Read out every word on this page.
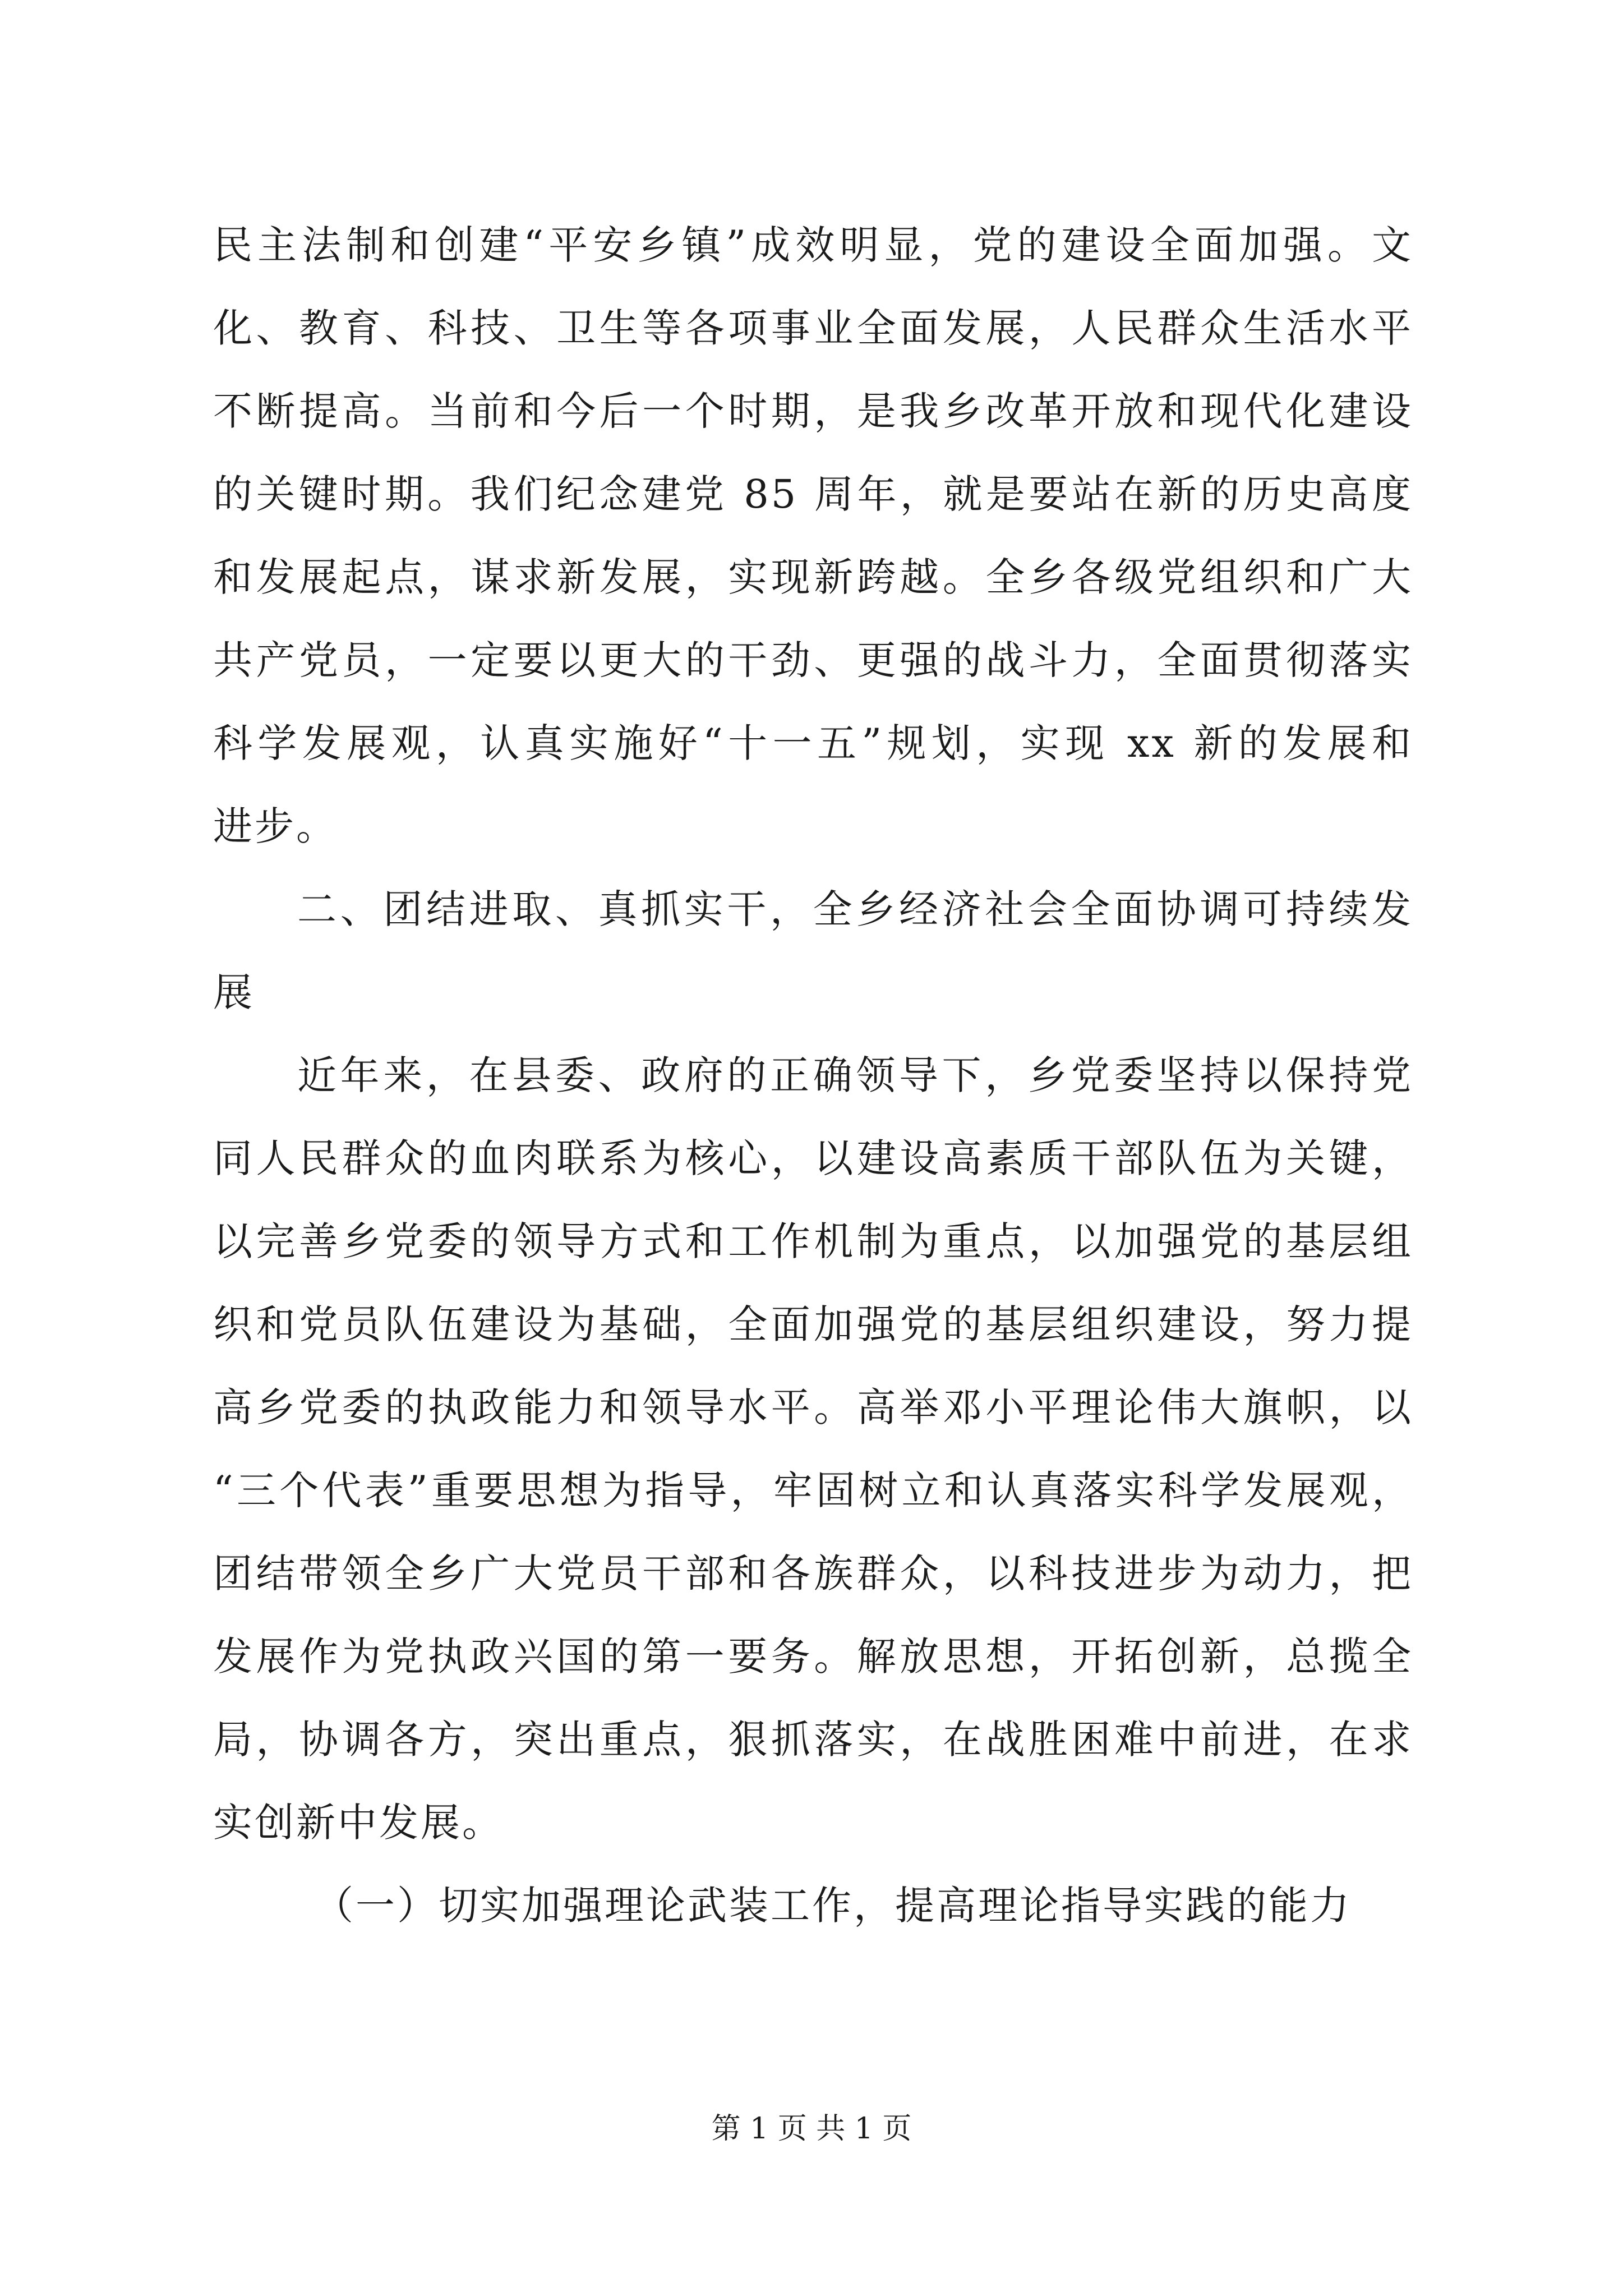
民主法制和创建“平安乡镇”成效明显，党的建设全面加强。文
化、教育、科技、卫生等各项事业全面发展，人民群众生活水平
不断提高。当前和今后一个时期，是我乡改革开放和现代化建设
的关键时期。我们纪念建党 85 周年，就是要站在新的历史高度
和发展起点，谋求新发展，实现新跨越。全乡各级党组织和广大
共产党员，一定要以更大的干劲、更强的战斗力，全面贯彻落实
科学发展观，认真实施好“十一五”规划，实现 xx 新的发展和
进步。
二、团结进取、真抓实干，全乡经济社会全面协调可持续发
展
近年来，在县委、政府的正确领导下，乡党委坚持以保持党
同人民群众的血肉联系为核心，以建设高素质干部队伍为关键，
以完善乡党委的领导方式和工作机制为重点，以加强党的基层组
织和党员队伍建设为基础，全面加强党的基层组织建设，努力提
高乡党委的执政能力和领导水平。高举邓小平理论伟大旗帜，以
“三个代表”重要思想为指导，牢固树立和认真落实科学发展观，
团结带领全乡广大党员干部和各族群众，以科技进步为动力，把
发展作为党执政兴国的第一要务。解放思想，开拓创新，总揽全
局，协调各方，突出重点，狠抓落实，在战胜困难中前进，在求
实创新中发展。
（一）切实加强理论武装工作，提高理论指导实践的能力
第 1 页 共 1 页
